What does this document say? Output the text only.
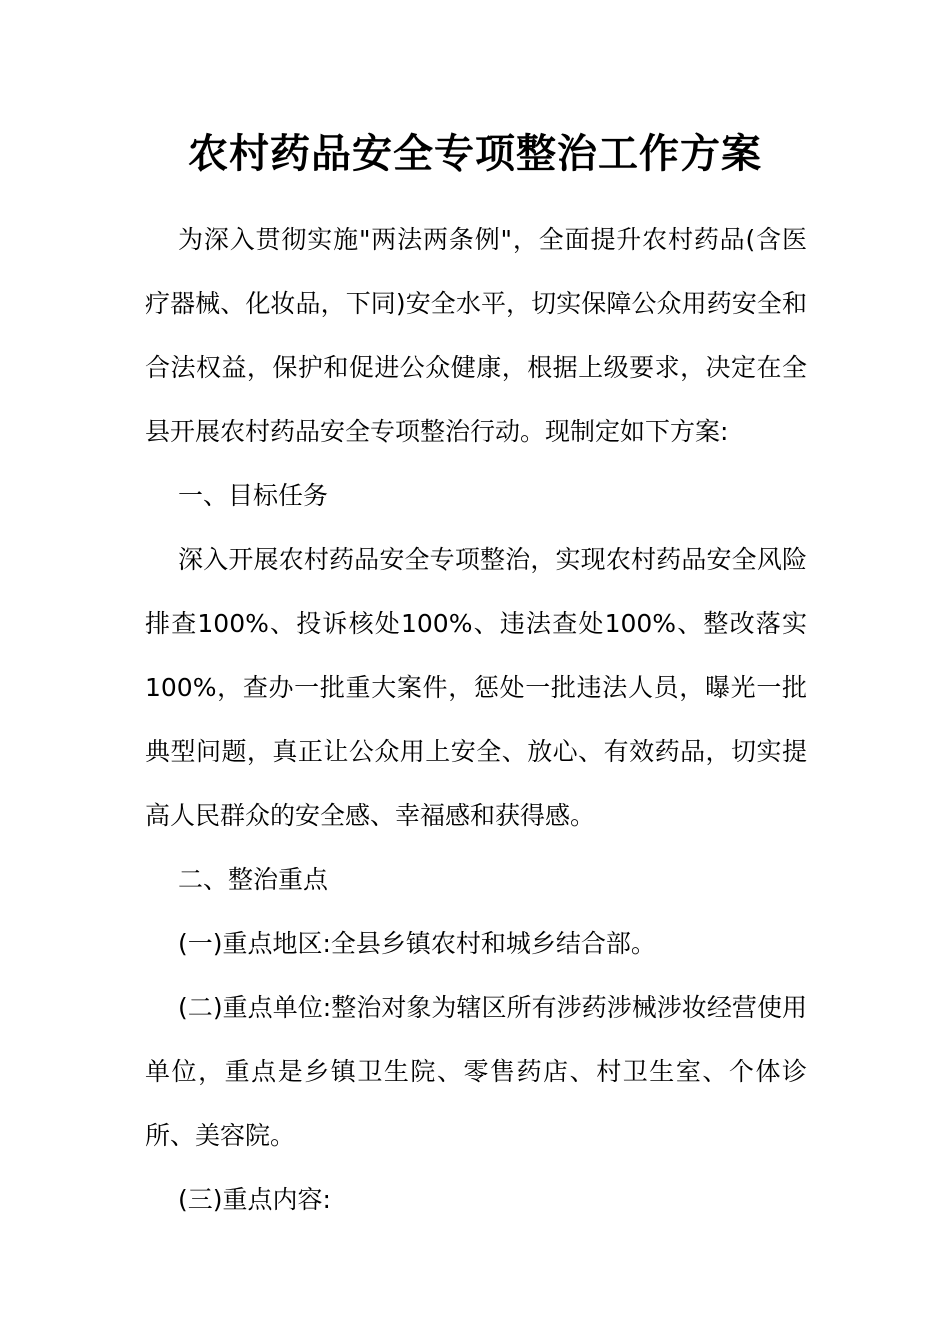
农村药品安全专项整治工作方案

为深入贯彻实施"两法两条例"，全面提升农村药品(含医疗器械、化妆品，下同)安全水平，切实保障公众用药安全和合法权益，保护和促进公众健康，根据上级要求，决定在全县开展农村药品安全专项整治行动。现制定如下方案:

一、目标任务

深入开展农村药品安全专项整治，实现农村药品安全风险排查100%、投诉核处100%、违法查处100%、整改落实100%，查办一批重大案件，惩处一批违法人员，曝光一批典型问题，真正让公众用上安全、放心、有效药品，切实提高人民群众的安全感、幸福感和获得感。

二、整治重点

(一)重点地区:全县乡镇农村和城乡结合部。

(二)重点单位:整治对象为辖区所有涉药涉械涉妆经营使用单位，重点是乡镇卫生院、零售药店、村卫生室、个体诊所、美容院。

(三)重点内容:
